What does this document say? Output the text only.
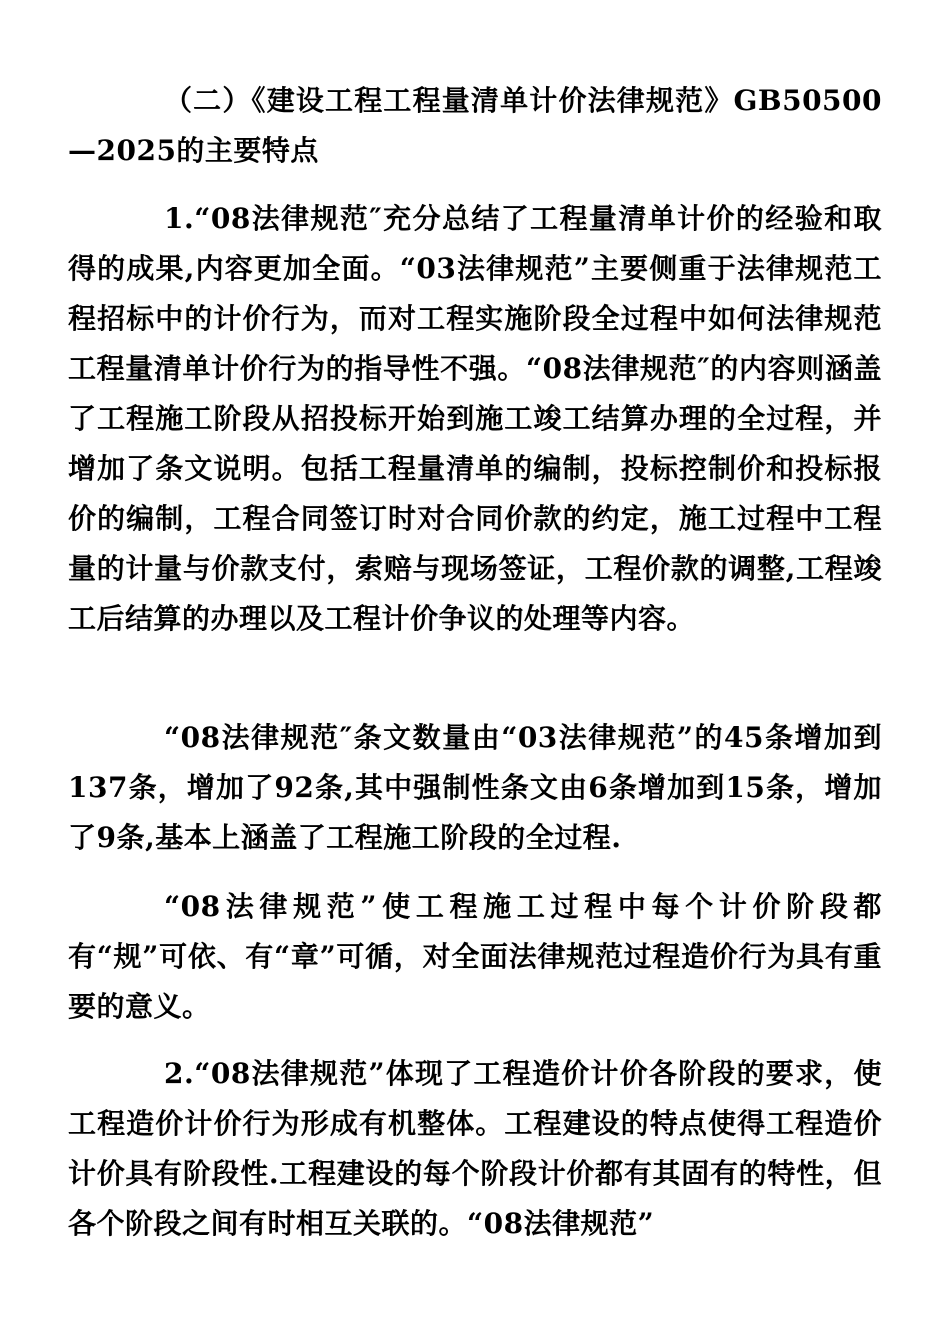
（二）《建设工程工程量清单计价法律规范》GB50500—2025的主要特点

1.“08法律规范″充分总结了工程量清单计价的经验和取得的成果,内容更加全面。“03法律规范”主要侧重于法律规范工程招标中的计价行为，而对工程实施阶段全过程中如何法律规范工程量清单计价行为的指导性不强。“08法律规范″的内容则涵盖了工程施工阶段从招投标开始到施工竣工结算办理的全过程，并增加了条文说明。包括工程量清单的编制，投标控制价和投标报价的编制，工程合同签订时对合同价款的约定，施工过程中工程量的计量与价款支付，索赔与现场签证，工程价款的调整,工程竣工后结算的办理以及工程计价争议的处理等内容。

“08法律规范″条文数量由“03法律规范”的45条增加到137条，增加了92条,其中强制性条文由6条增加到15条，增加了9条,基本上涵盖了工程施工阶段的全过程.

“08法律规范”使工程施工过程中每个计价阶段都有“规”可依、有“章”可循，对全面法律规范过程造价行为具有重要的意义。

2.“08法律规范”体现了工程造价计价各阶段的要求，使工程造价计价行为形成有机整体。工程建设的特点使得工程造价计价具有阶段性.工程建设的每个阶段计价都有其固有的特性，但各个阶段之间有时相互关联的。“08法律规范”
